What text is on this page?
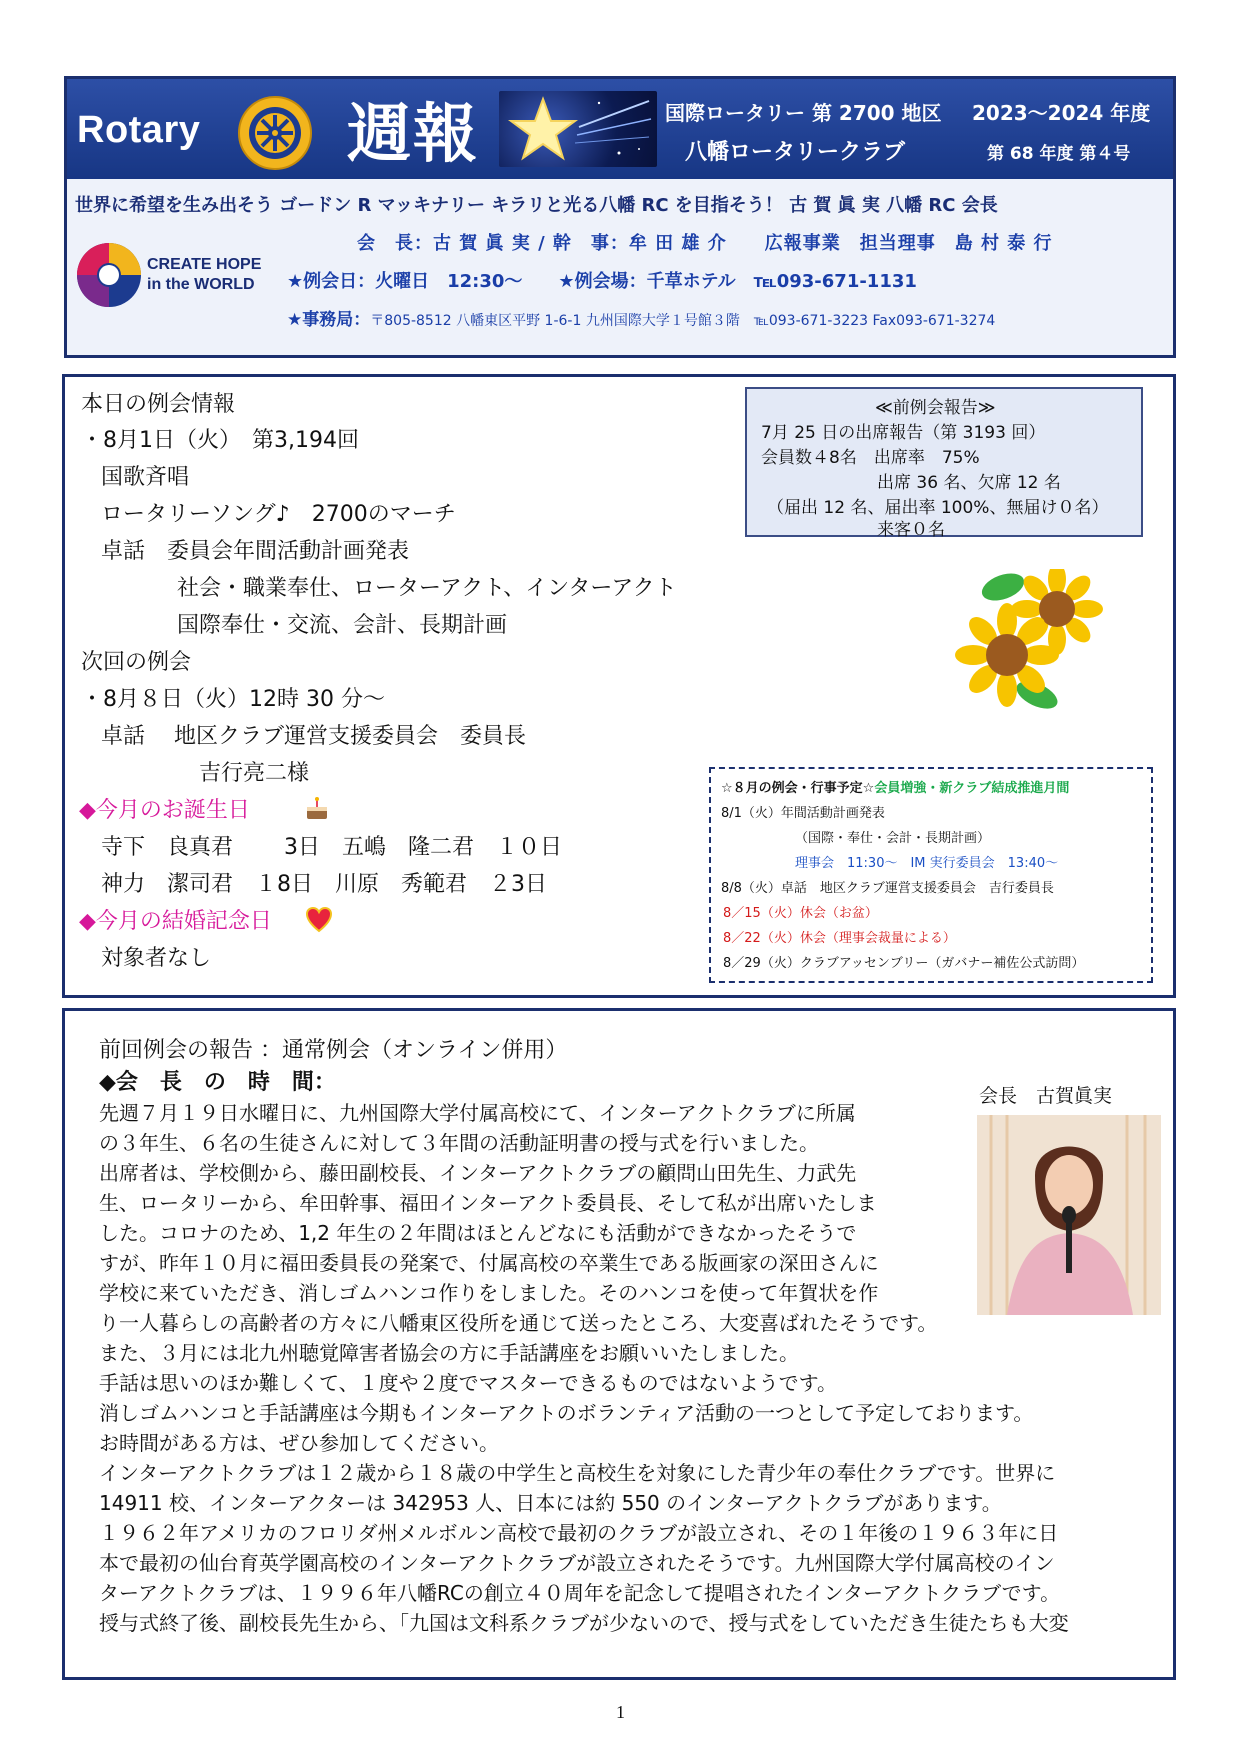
Rotary 週報	国際ロータリー 第 2700 地区 2023～2024 年度
八幡ロータリークラブ	第 68 年度 第４号
世界に希望を生み出そう ゴードン R マッキナリー キラリと光る八幡 RC を目指そう！ 古 賀 眞 実 八幡 RC 会長
CREATE HOPE
in the WORLD
会　長：古 賀 眞 実 / 幹　事：牟 田 雄 介　　広報事業　担当理事　島 村 泰 行
★例会日：火曜日　12:30～　　★例会場：千草ホテル　℡093-671-1131
★事務局：〒805-8512 八幡東区平野 1-6-1 九州国際大学１号館３階　℡093-671-3223 Fax093-671-3274
本日の例会情報
・8月1日（火）　第3,194回
国歌斉唱
ロータリーソング♪　2700のマーチ
卓話　委員会年間活動計画発表
社会・職業奉仕、ローターアクト、インターアクト
国際奉仕・交流、会計、長期計画
次回の例会
・8月８日（火）12時 30 分～
卓話　 地区クラブ運営支援委員会　委員長
吉行亮二様
◆今月のお誕生日
寺下　良真君　　 3日　五嶋　隆二君　１０日
神力　潔司君　１8日　川原　秀範君　２3日
◆今月の結婚記念日
対象者なし
≪前例会報告≫
7月 25 日の出席報告（第 3193 回）
会員数４8名　出席率　75%
出席 36 名、欠席 12 名
（届出 12 名、届出率 100%、無届け０名）
来客０名
☆８月の例会・行事予定☆会員増強・新クラブ結成推進月間
8/1（火）年間活動計画発表
（国際・奉仕・会計・長期計画）
理事会　11:30～　IM 実行委員会　13:40～
8/8（火）卓話　地区クラブ運営支援委員会　吉行委員長
8／15（火）休会（お盆）
8／22（火）休会（理事会裁量による）
8／29（火）クラブアッセンブリー（ガバナー補佐公式訪問）
前回例会の報告 ：通常例会（オンライン併用）
◆会　長　の　時　間：
会長　古賀眞実
先週７月１９日水曜日に、九州国際大学付属高校にて、インターアクトクラブに所属
の３年生、６名の生徒さんに対して３年間の活動証明書の授与式を行いました。
出席者は、学校側から、藤田副校長、インターアクトクラブの顧問山田先生、力武先
生、ロータリーから、牟田幹事、福田インターアクト委員長、そして私が出席いたしま
した。コロナのため、1,2 年生の２年間はほとんどなにも活動ができなかったそうで
すが、昨年１０月に福田委員長の発案で、付属高校の卒業生である版画家の深田さんに
学校に来ていただき、消しゴムハンコ作りをしました。そのハンコを使って年賀状を作
り一人暮らしの高齢者の方々に八幡東区役所を通じて送ったところ、大変喜ばれたそうです。
また、３月には北九州聴覚障害者協会の方に手話講座をお願いいたしました。
手話は思いのほか難しくて、１度や２度でマスターできるものではないようです。
消しゴムハンコと手話講座は今期もインターアクトのボランティア活動の一つとして予定しております。
お時間がある方は、ぜひ参加してください。
インターアクトクラブは１２歳から１８歳の中学生と高校生を対象にした青少年の奉仕クラブです。世界に
14911 校、インターアクターは 342953 人、日本には約 550 のインターアクトクラブがあります。
１９６２年アメリカのフロリダ州メルボルン高校で最初のクラブが設立され、その１年後の１９６３年に日
本で最初の仙台育英学園高校のインターアクトクラブが設立されたそうです。九州国際大学付属高校のイン
ターアクトクラブは、１９９６年八幡RCの創立４０周年を記念して提唱されたインターアクトクラブです。
授与式終了後、副校長先生から、「九国は文科系クラブが少ないので、授与式をしていただき生徒たちも大変
1
